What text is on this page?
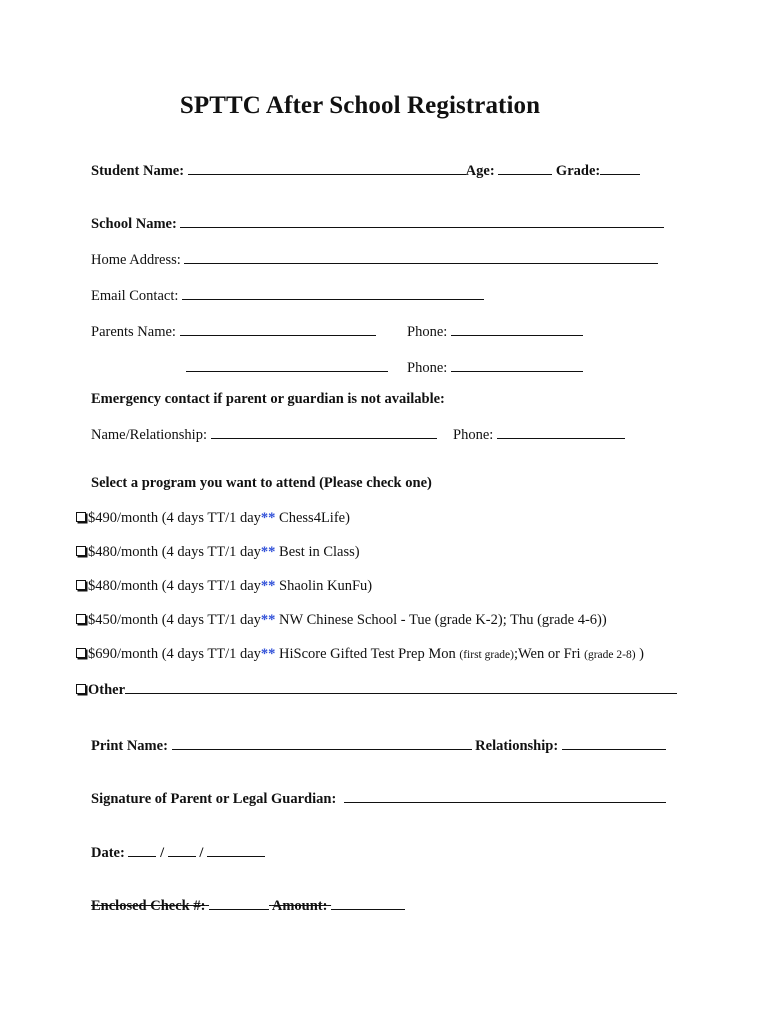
SPTTC After School Registration
Student Name:	Age:	Grade:
School Name:
Home Address:
Email Contact:
Parents Name:	Phone:
Phone:
Emergency contact if parent or guardian is not available:
Name/Relationship:	Phone:
Select a program you want to attend (Please check one)
$490/month (4 days TT/1 day** Chess4Life)
$480/month (4 days TT/1 day** Best in Class)
$480/month (4 days TT/1 day** Shaolin KunFu)
$450/month (4 days TT/1 day** NW Chinese School - Tue (grade K-2); Thu (grade 4-6))
$690/month (4 days TT/1 day** HiScore Gifted Test Prep Mon (first grade);Wen or Fri (grade 2-8) )
Other
Print Name:	Relationship:
Signature of Parent or Legal Guardian:
Date: / /
Enclosed Check #:	Amount:
